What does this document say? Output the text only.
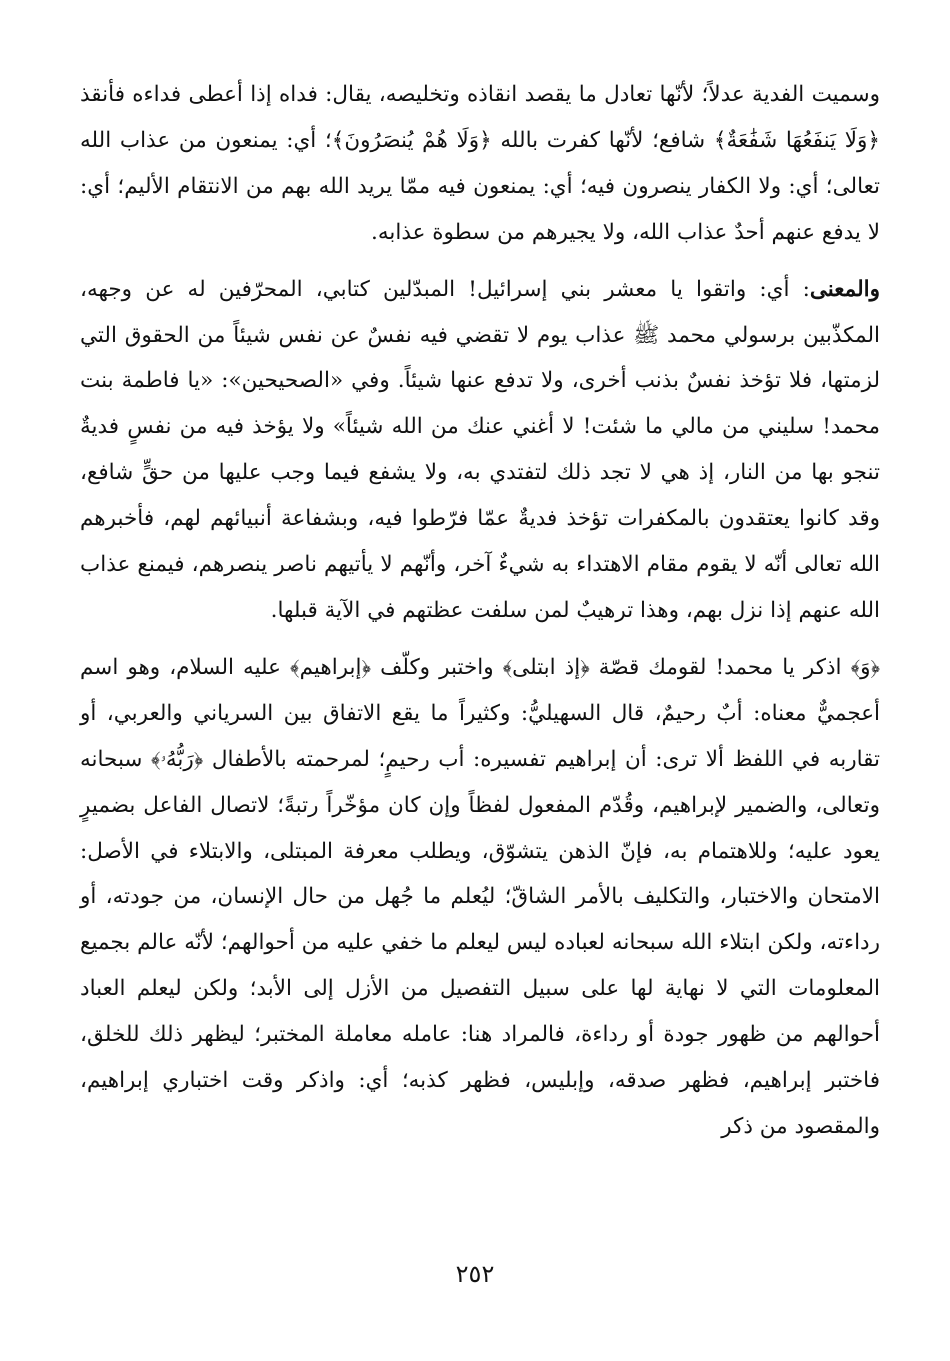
وسميت الفدية عدلاً؛ لأنّها تعادل ما يقصد انقاذه وتخليصه، يقال: فداه إذا أعطى فداءه فأنقذ ﴿وَلَا يَنفَعُهَا شَفَٰعَةٌ﴾ شافع؛ لأنّها كفرت بالله ﴿وَلَا هُمْ يُنصَرُونَ﴾؛ أي: يمنعون من عذاب الله تعالى؛ أي: ولا الكفار ينصرون فيه؛ أي: يمنعون فيه ممّا يريد الله بهم من الانتقام الأليم؛ أي: لا يدفع عنهم أحدٌ عذاب الله، ولا يجيرهم من سطوة عذابه.

والمعنى: أي: واتقوا يا معشر بني إسرائيل! المبدّلين كتابي، المحرّفين له عن وجهه، المكذّبين برسولي محمد ﷺ عذاب يوم لا تقضي فيه نفسٌ عن نفس شيئاً من الحقوق التي لزمتها، فلا تؤخذ نفسٌ بذنب أخرى، ولا تدفع عنها شيئاً. وفي «الصحيحين»: «يا فاطمة بنت محمد! سليني من مالي ما شئت! لا أغني عنك من الله شيئاً» ولا يؤخذ فيه من نفسٍ فديةٌ تنجو بها من النار، إذ هي لا تجد ذلك لتفتدي به، ولا يشفع فيما وجب عليها من حقٍّ شافع، وقد كانوا يعتقدون بالمكفرات تؤخذ فديةٌ عمّا فرّطوا فيه، وبشفاعة أنبيائهم لهم، فأخبرهم الله تعالى أنّه لا يقوم مقام الاهتداء به شيءٌ آخر، وأنّهم لا يأتيهم ناصر ينصرهم، فيمنع عذاب الله عنهم إذا نزل بهم، وهذا ترهيبٌ لمن سلفت عظتهم في الآية قبلها.

﴿وَ﴾ اذكر يا محمد! لقومك قصّة ﴿إذ ابتلى﴾ واختبر وكلّف ﴿إبراهيم﴾ عليه السلام، وهو اسم أعجميٌّ معناه: أبٌ رحيمٌ، قال السهيليُّ: وكثيراً ما يقع الاتفاق بين السرياني والعربي، أو تقاربه في اللفظ ألا ترى: أن إبراهيم تفسيره: أب رحيمٍ؛ لمرحمته بالأطفال ﴿رَبُّهُۥ﴾ سبحانه وتعالى، والضمير لإبراهيم، وقُدّم المفعول لفظاً وإن كان مؤخّراً رتبةً؛ لاتصال الفاعل بضميرٍ يعود عليه؛ وللاهتمام به، فإنّ الذهن يتشوّق، ويطلب معرفة المبتلى، والابتلاء في الأصل: الامتحان والاختبار، والتكليف بالأمر الشاقّ؛ ليُعلم ما جُهل من حال الإنسان، من جودته، أو رداءته، ولكن ابتلاء الله سبحانه لعباده ليس ليعلم ما خفي عليه من أحوالهم؛ لأنّه عالم بجميع المعلومات التي لا نهاية لها على سبيل التفصيل من الأزل إلى الأبد؛ ولكن ليعلم العباد أحوالهم من ظهور جودة أو رداءة، فالمراد هنا: عامله معاملة المختبر؛ ليظهر ذلك للخلق، فاختبر إبراهيم، فظهر صدقه، وإبليس، فظهر كذبه؛ أي: واذكر وقت اختباري إبراهيم، والمقصود من ذكر

٢٥٢
